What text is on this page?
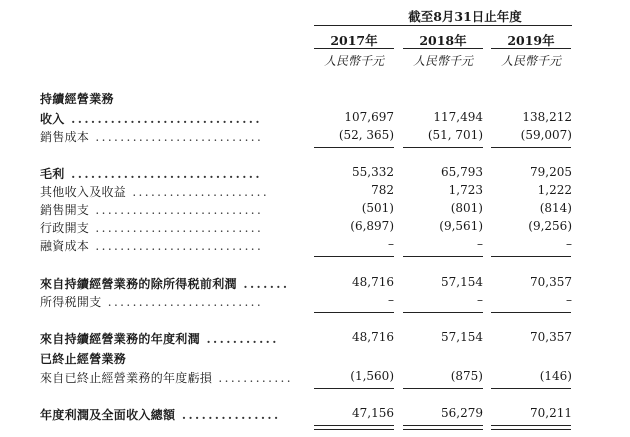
截至8月31日止年度
2017年	2018年	2019年
人民幣千元	人民幣千元	人民幣千元
持續經營業務
收入 .............................	107,697	117,494	138,212
銷售成本 ...........................	(52, 365)	(51, 701)	(59,007)
毛利 .............................	55,332	65,793	79,205
其他收入及收益 ......................	782	1,723	1,222
銷售開支 ...........................	(501)	(801)	(814)
行政開支 ...........................	(6,897)	(9,561)	(9,256)
融資成本 ...........................	–	–	–
來自持續經營業務的除所得税前利潤 .......	48,716	57,154	70,357
所得税開支 .........................	–	–	–
來自持續經營業務的年度利潤 ...........	48,716	57,154	70,357
已終止經營業務
來自已終止經營業務的年度虧損 ............	(1,560)	(875)	(146)
年度利潤及全面收入總額 ...............	47,156	56,279	70,211
